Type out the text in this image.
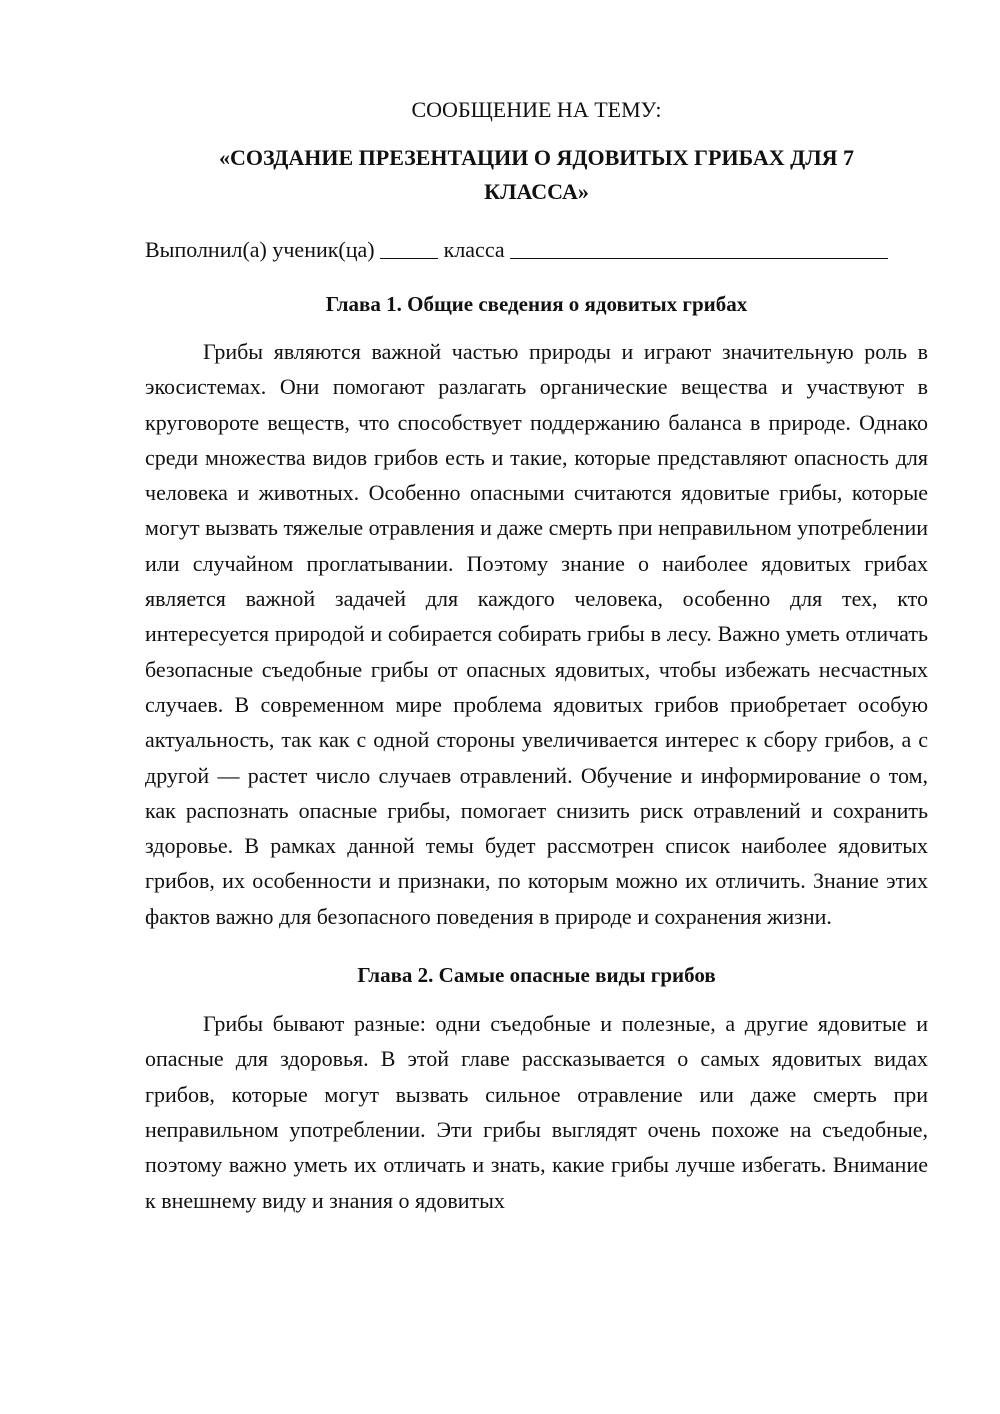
СООБЩЕНИЕ НА ТЕМУ:

«СОЗДАНИЕ ПРЕЗЕНТАЦИИ О ЯДОВИТЫХ ГРИБАХ ДЛЯ 7 КЛАССА»

Выполнил(а) ученик(ца)	класса

Глава 1. Общие сведения о ядовитых грибах

Грибы являются важной частью природы и играют значительную роль в экосистемах. Они помогают разлагать органические вещества и участвуют в круговороте веществ, что способствует поддержанию баланса в природе. Однако среди множества видов грибов есть и такие, которые представляют опасность для человека и животных. Особенно опасными считаются ядовитые грибы, которые могут вызвать тяжелые отравления и даже смерть при неправильном употреблении или случайном проглатывании. Поэтому знание о наиболее ядовитых грибах является важной задачей для каждого человека, особенно для тех, кто интересуется природой и собирается собирать грибы в лесу. Важно уметь отличать безопасные съедобные грибы от опасных ядовитых, чтобы избежать несчастных случаев. В современном мире проблема ядовитых грибов приобретает особую актуальность, так как с одной стороны увеличивается интерес к сбору грибов, а с другой — растет число случаев отравлений. Обучение и информирование о том, как распознать опасные грибы, помогает снизить риск отравлений и сохранить здоровье. В рамках данной темы будет рассмотрен список наиболее ядовитых грибов, их особенности и признаки, по которым можно их отличить. Знание этих фактов важно для безопасного поведения в природе и сохранения жизни.

Глава 2. Самые опасные виды грибов

Грибы бывают разные: одни съедобные и полезные, а другие ядовитые и опасные для здоровья. В этой главе рассказывается о самых ядовитых видах грибов, которые могут вызвать сильное отравление или даже смерть при неправильном употреблении. Эти грибы выглядят очень похоже на съедобные, поэтому важно уметь их отличать и знать, какие грибы лучше избегать. Внимание к внешнему виду и знания о ядовитых
